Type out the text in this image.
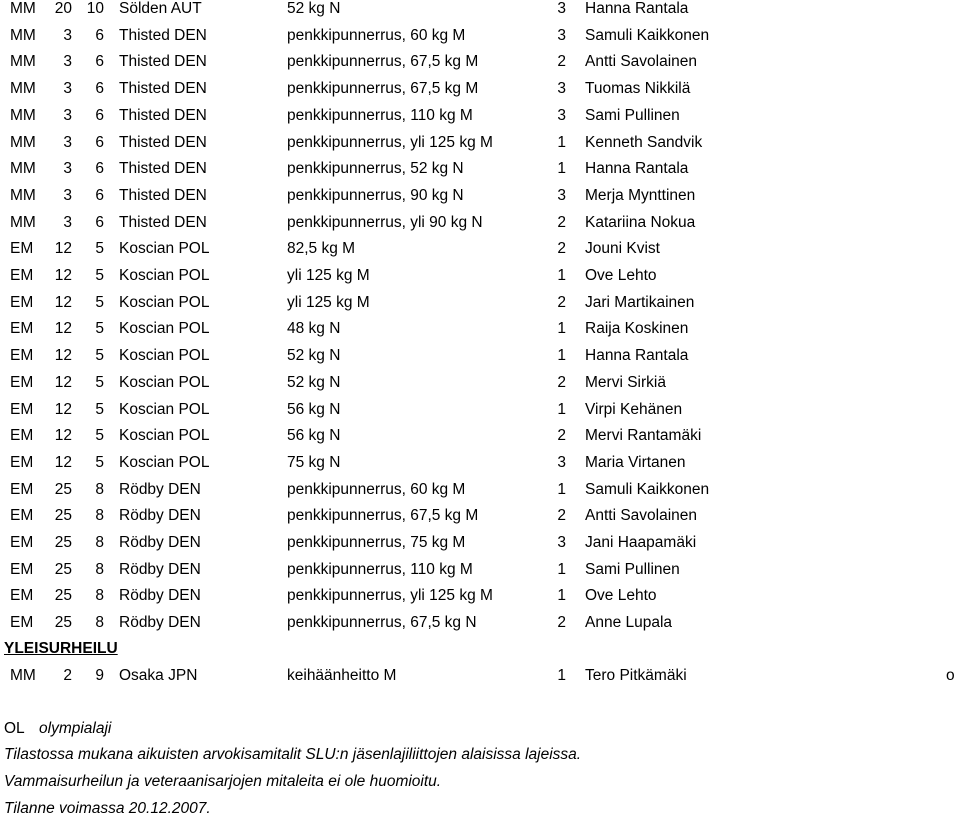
MM	20 10 Sölden AUT	52 kg N	3 Hanna Rantala
MM	3	6 Thisted DEN	penkkipunnerrus, 60 kg M	3 Samuli Kaikkonen
MM	3	6 Thisted DEN	penkkipunnerrus, 67,5 kg M	2 Antti Savolainen
MM	3	6 Thisted DEN	penkkipunnerrus, 67,5 kg M	3 Tuomas Nikkilä
MM	3	6 Thisted DEN	penkkipunnerrus, 110 kg M	3 Sami Pullinen
MM	3	6 Thisted DEN	penkkipunnerrus, yli 125 kg M	1 Kenneth Sandvik
MM	3	6 Thisted DEN	penkkipunnerrus, 52 kg N	1 Hanna Rantala
MM	3	6 Thisted DEN	penkkipunnerrus, 90 kg N	3 Merja Mynttinen
MM	3	6 Thisted DEN	penkkipunnerrus, yli 90 kg N	2 Katariina Nokua
EM	12	5 Koscian POL	82,5 kg M	2 Jouni Kvist
EM	12	5 Koscian POL	yli 125 kg M	1 Ove Lehto
EM	12	5 Koscian POL	yli 125 kg M	2 Jari Martikainen
EM	12	5 Koscian POL	48 kg N	1 Raija Koskinen
EM	12	5 Koscian POL	52 kg N	1 Hanna Rantala
EM	12	5 Koscian POL	52 kg N	2 Mervi Sirkiä
EM	12	5 Koscian POL	56 kg N	1 Virpi Kehänen
EM	12	5 Koscian POL	56 kg N	2 Mervi Rantamäki
EM	12	5 Koscian POL	75 kg N	3 Maria Virtanen
EM	25	8 Rödby DEN	penkkipunnerrus, 60 kg M	1 Samuli Kaikkonen
EM	25	8 Rödby DEN	penkkipunnerrus, 67,5 kg M	2 Antti Savolainen
EM	25	8 Rödby DEN	penkkipunnerrus, 75 kg M	3 Jani Haapamäki
EM	25	8 Rödby DEN	penkkipunnerrus, 110 kg M	1 Sami Pullinen
EM	25	8 Rödby DEN	penkkipunnerrus, yli 125 kg M	1 Ove Lehto
EM	25	8 Rödby DEN	penkkipunnerrus, 67,5 kg N	2 Anne Lupala
YLEISURHEILU
MM	2	9 Osaka JPN	keihäänheitto M	1 Tero Pitkämäki	o
OL olympialaji
Tilastossa mukana aikuisten arvokisamitalit SLU:n jäsenlajiliittojen alaisissa lajeissa.
Vammaisurheilun ja veteraanisarjojen mitaleita ei ole huomioitu.
Tilanne voimassa 20.12.2007.
